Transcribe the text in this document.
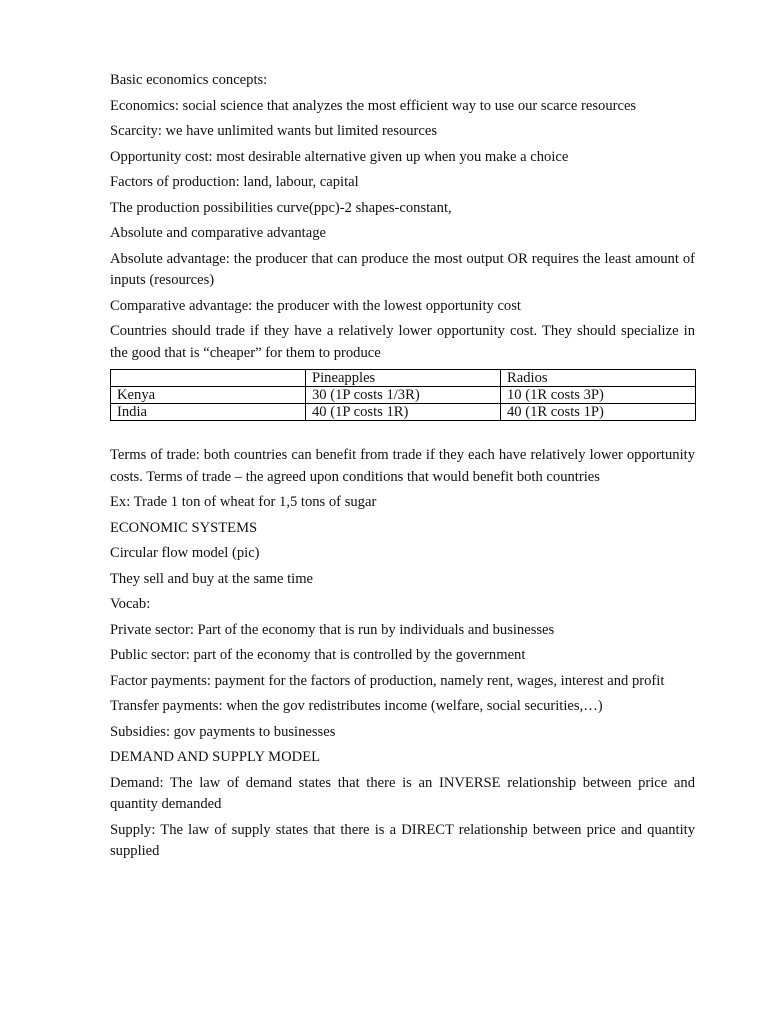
Basic economics concepts:

Economics: social science that analyzes the most efficient way to use our scarce resources

Scarcity: we have unlimited wants but limited resources

Opportunity cost: most desirable alternative given up when you make a choice

Factors of production: land, labour, capital

The production possibilities curve(ppc)-2 shapes-constant,

Absolute and comparative advantage

Absolute advantage: the producer that can produce the most output OR requires the least amount of inputs (resources)

Comparative advantage: the producer with the lowest opportunity cost

Countries should trade if they have a relatively lower opportunity cost. They should specialize in the good that is “cheaper” for them to produce

	Pineapples	Radios
Kenya	30 (1P costs 1/3R)	10 (1R costs 3P)
India	40 (1P costs 1R)	40 (1R costs 1P)

Terms of trade: both countries can benefit from trade if they each have relatively lower opportunity costs. Terms of trade – the agreed upon conditions that would benefit both countries

Ex: Trade 1 ton of wheat for 1,5 tons of sugar

ECONOMIC SYSTEMS

Circular flow model (pic)

They sell and buy at the same time

Vocab:

Private sector: Part of the economy that is run by individuals and businesses

Public sector: part of the economy that is controlled by the government

Factor payments: payment for the factors of production, namely rent, wages, interest and profit

Transfer payments: when the gov redistributes income (welfare, social securities,…)

Subsidies: gov payments to businesses

DEMAND AND SUPPLY MODEL

Demand: The law of demand states that there is an INVERSE relationship between price and quantity demanded

Supply: The law of supply states that there is a DIRECT relationship between price and quantity supplied
